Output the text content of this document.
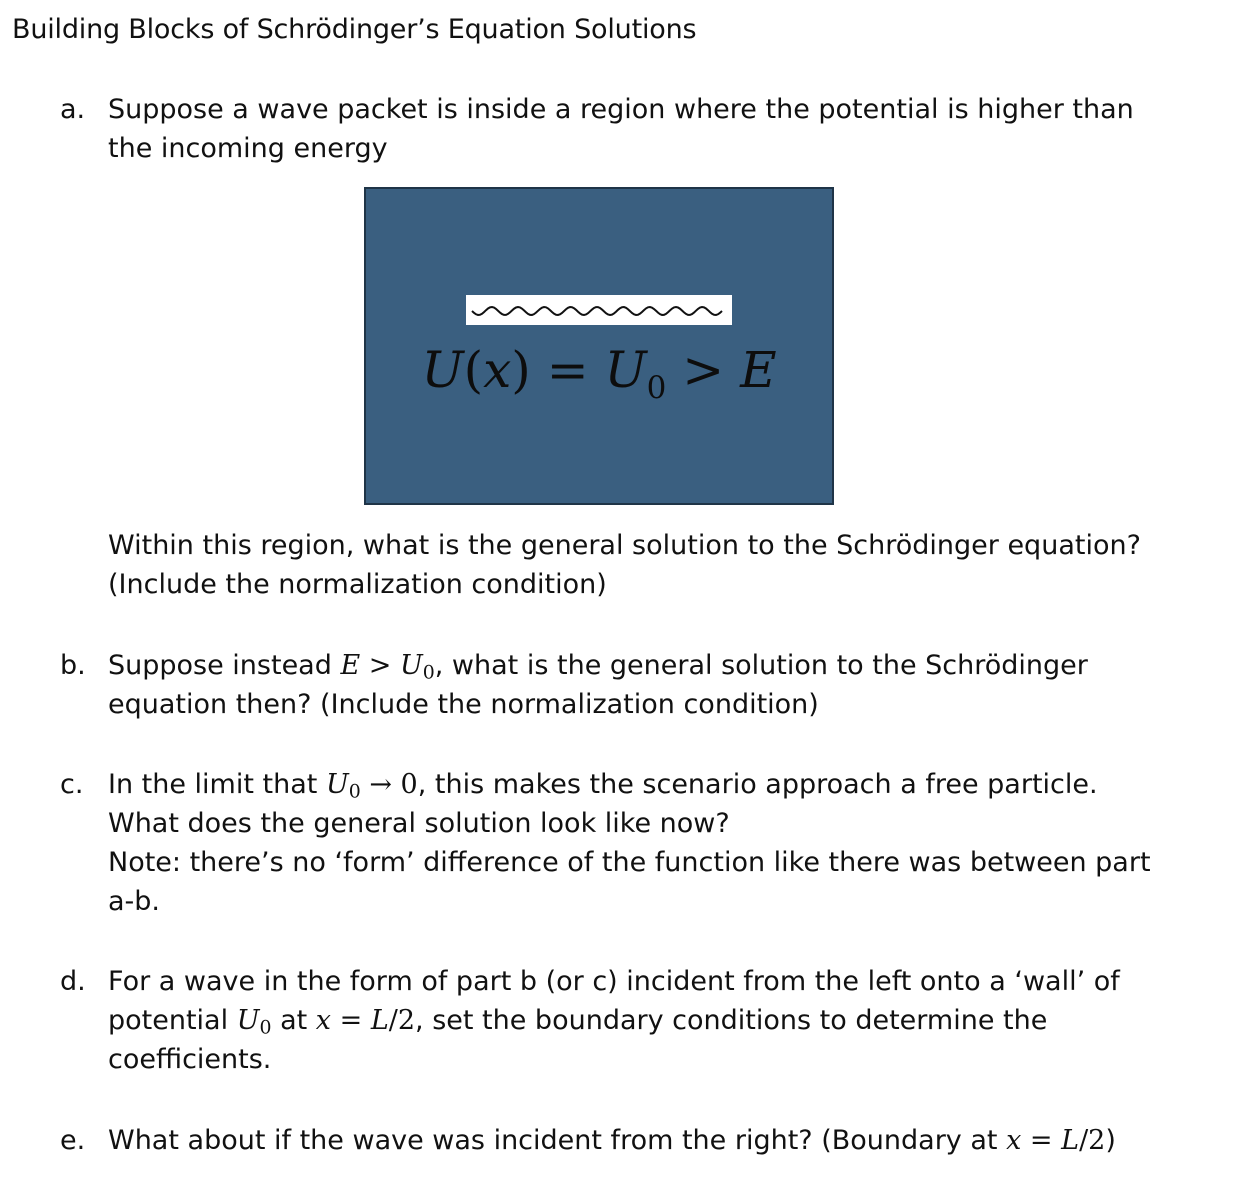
Building Blocks of Schrödinger’s Equation Solutions
a. Suppose a wave packet is inside a region where the potential is higher than
the incoming energy
$U(x) = U_0 > E$
Within this region, what is the general solution to the Schrödinger equation?
(Include the normalization condition)
b. Suppose instead $E > U_0$, what is the general solution to the Schrödinger
equation then? (Include the normalization condition)
c. In the limit that $U_0 \to 0$, this makes the scenario approach a free particle.
What does the general solution look like now?
Note: there’s no ‘form’ difference of the function like there was between part
a-b.
d. For a wave in the form of part b (or c) incident from the left onto a ‘wall’ of
potential $U_0$ at x = L/2, set the boundary conditions to determine the
coefficients.
e. What about if the wave was incident from the right? (Boundary at x = L/2)
